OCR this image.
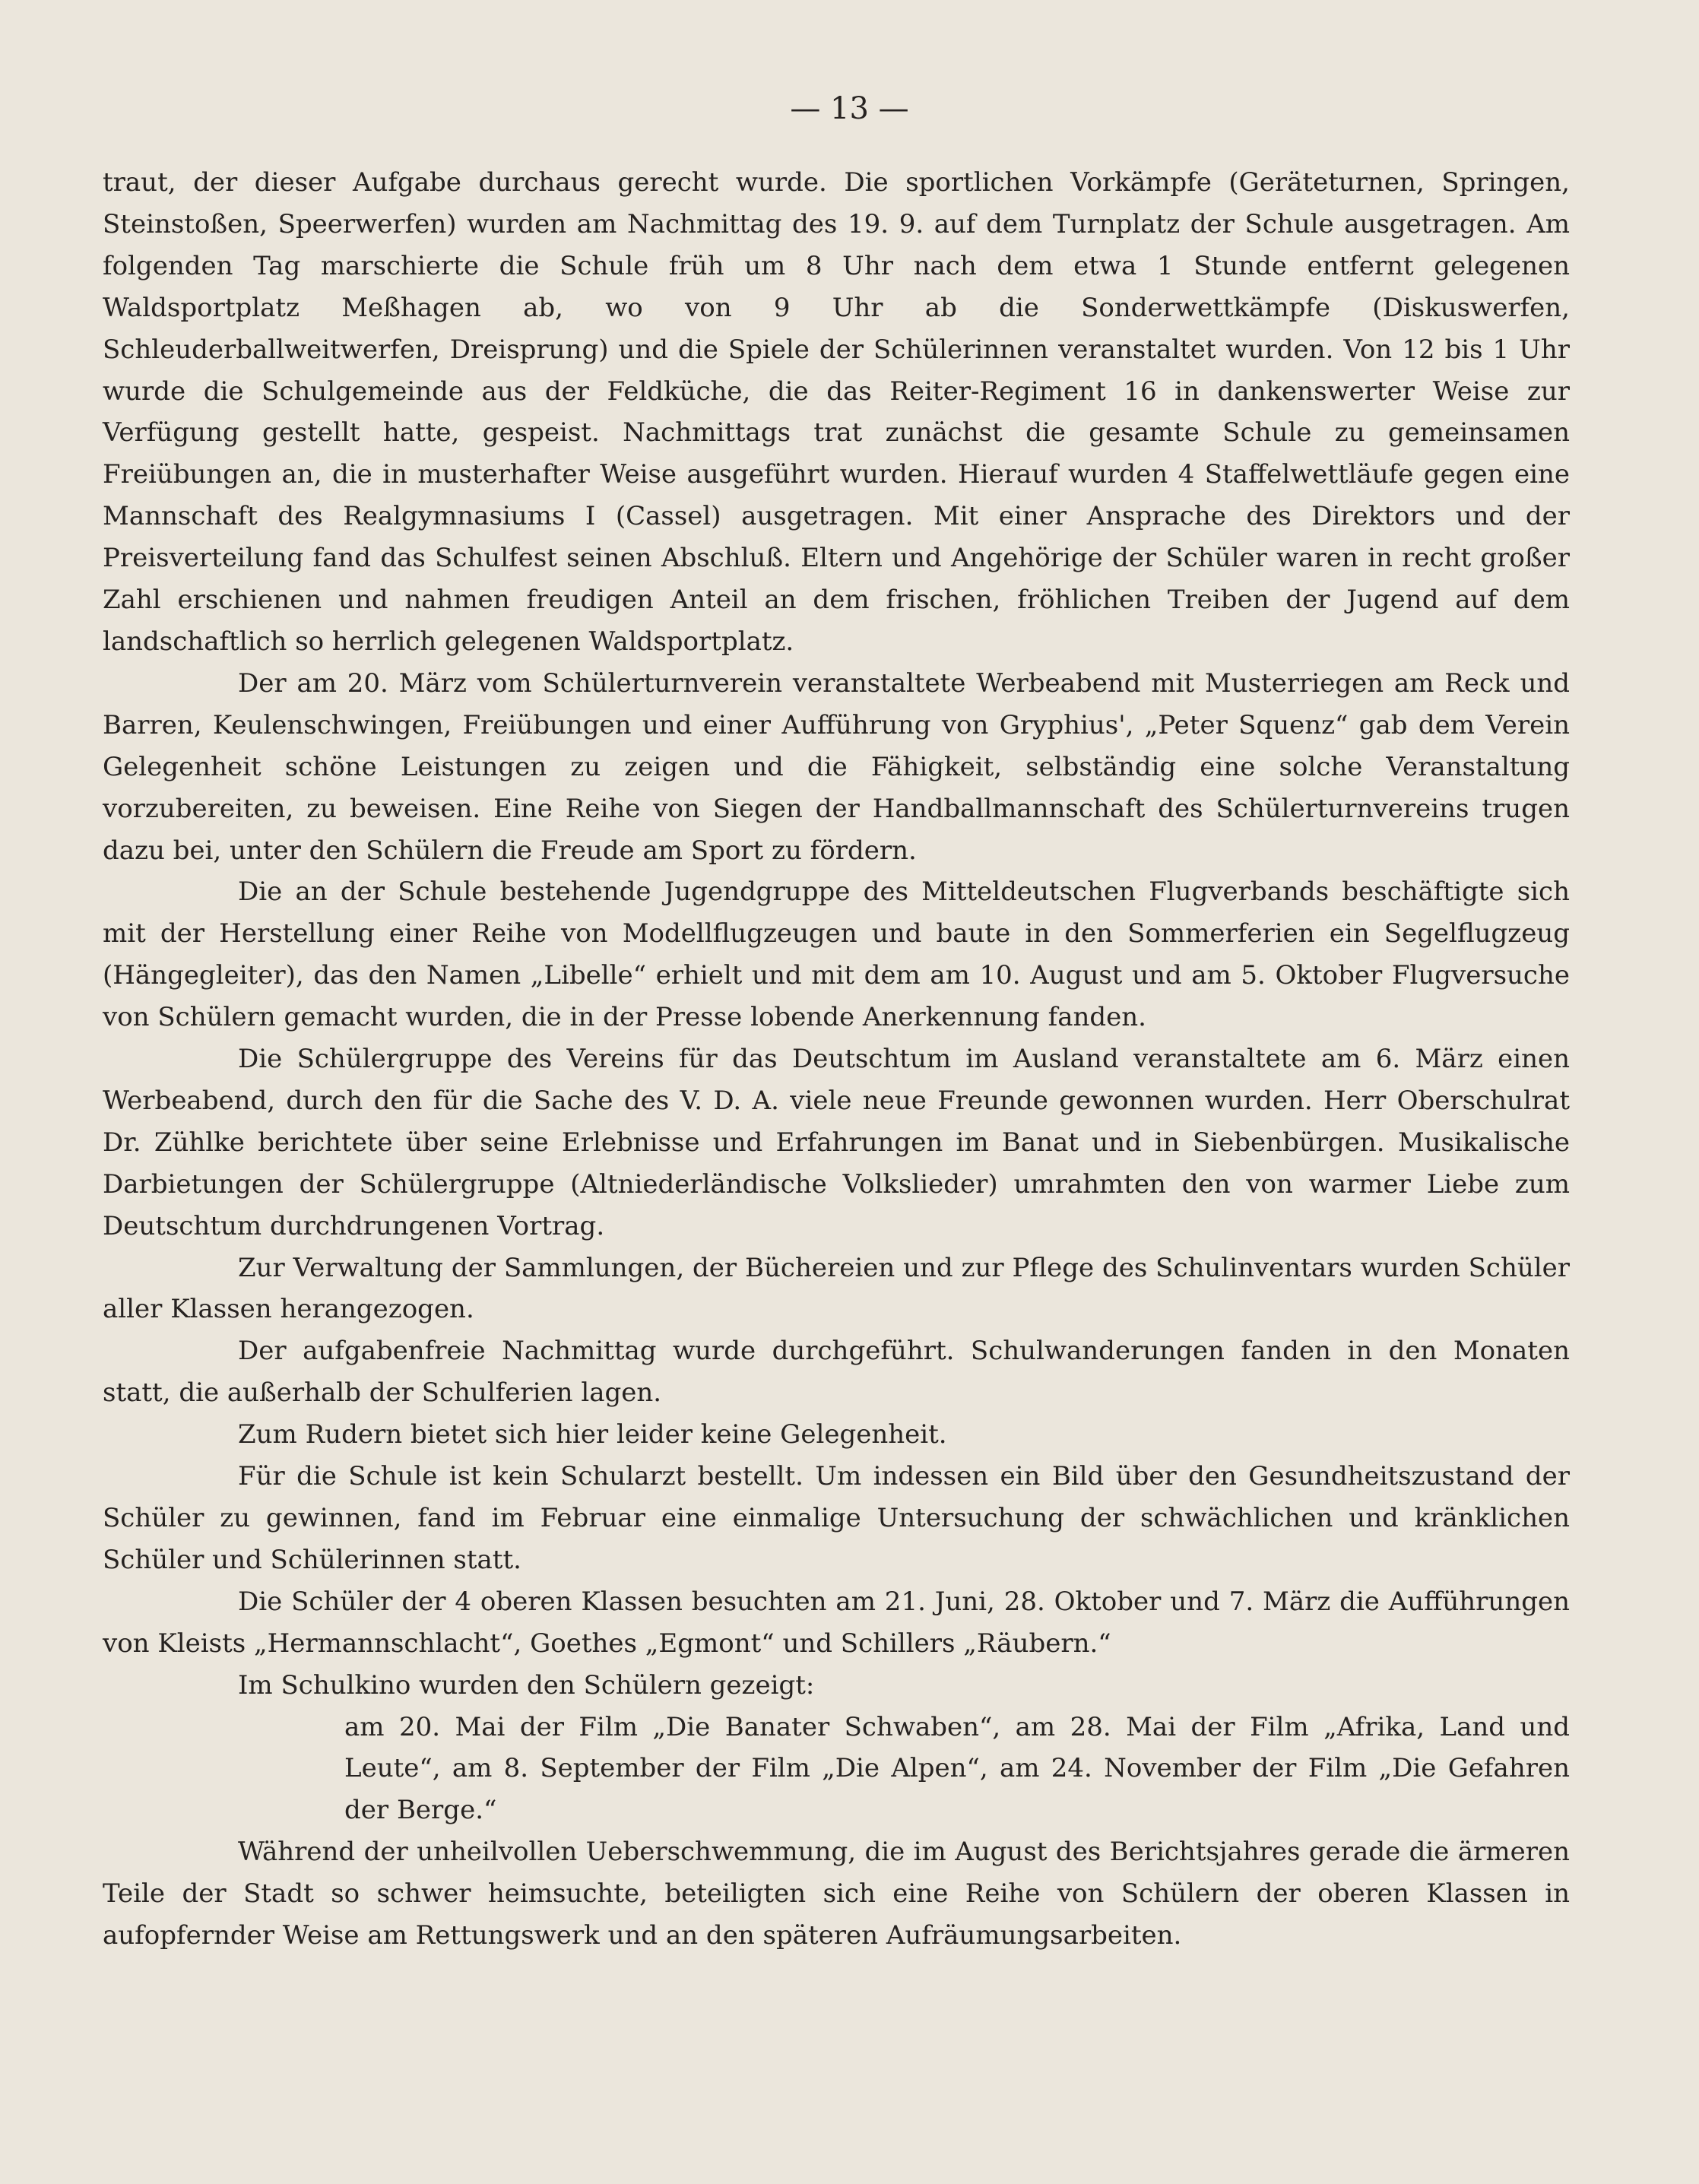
— 13 —

traut, der dieser Aufgabe durchaus gerecht wurde. Die sportlichen Vorkämpfe (Geräteturnen, Springen, Steinstoßen, Speerwerfen) wurden am Nachmittag des 19. 9. auf dem Turnplatz der Schule ausgetragen. Am folgenden Tag marschierte die Schule früh um 8 Uhr nach dem etwa 1 Stunde entfernt gelegenen Waldsportplatz Meßhagen ab, wo von 9 Uhr ab die Sonderwettkämpfe (Diskuswerfen, Schleuderballweitwerfen, Dreisprung) und die Spiele der Schülerinnen veranstaltet wurden. Von 12 bis 1 Uhr wurde die Schulgemeinde aus der Feldküche, die das Reiter-Regiment 16 in dankenswerter Weise zur Verfügung gestellt hatte, gespeist. Nachmittags trat zunächst die gesamte Schule zu gemeinsamen Freiübungen an, die in musterhafter Weise ausgeführt wurden. Hierauf wurden 4 Staffelwettläufe gegen eine Mannschaft des Realgymnasiums I (Cassel) ausgetragen. Mit einer Ansprache des Direktors und der Preisverteilung fand das Schulfest seinen Abschluß. Eltern und Angehörige der Schüler waren in recht großer Zahl erschienen und nahmen freudigen Anteil an dem frischen, fröhlichen Treiben der Jugend auf dem landschaftlich so herrlich gelegenen Waldsportplatz.

Der am 20. März vom Schülerturnverein veranstaltete Werbeabend mit Musterriegen am Reck und Barren, Keulenschwingen, Freiübungen und einer Aufführung von Gryphius', „Peter Squenz“ gab dem Verein Gelegenheit schöne Leistungen zu zeigen und die Fähigkeit, selbständig eine solche Veranstaltung vorzubereiten, zu beweisen. Eine Reihe von Siegen der Handballmannschaft des Schülerturnvereins trugen dazu bei, unter den Schülern die Freude am Sport zu fördern.

Die an der Schule bestehende Jugendgruppe des Mitteldeutschen Flugverbands beschäftigte sich mit der Herstellung einer Reihe von Modellflugzeugen und baute in den Sommerferien ein Segelflugzeug (Hängegleiter), das den Namen „Libelle“ erhielt und mit dem am 10. August und am 5. Oktober Flugversuche von Schülern gemacht wurden, die in der Presse lobende Anerkennung fanden.

Die Schülergruppe des Vereins für das Deutschtum im Ausland veranstaltete am 6. März einen Werbeabend, durch den für die Sache des V. D. A. viele neue Freunde gewonnen wurden. Herr Oberschulrat Dr. Zühlke berichtete über seine Erlebnisse und Erfahrungen im Banat und in Siebenbürgen. Musikalische Darbietungen der Schülergruppe (Altniederländische Volkslieder) umrahmten den von warmer Liebe zum Deutschtum durchdrungenen Vortrag.

Zur Verwaltung der Sammlungen, der Büchereien und zur Pflege des Schulinventars wurden Schüler aller Klassen herangezogen.

Der aufgabenfreie Nachmittag wurde durchgeführt. Schulwanderungen fanden in den Monaten statt, die außerhalb der Schulferien lagen.

Zum Rudern bietet sich hier leider keine Gelegenheit.

Für die Schule ist kein Schularzt bestellt. Um indessen ein Bild über den Gesundheitszustand der Schüler zu gewinnen, fand im Februar eine einmalige Untersuchung der schwächlichen und kränklichen Schüler und Schülerinnen statt.

Die Schüler der 4 oberen Klassen besuchten am 21. Juni, 28. Oktober und 7. März die Aufführungen von Kleists „Hermannschlacht“, Goethes „Egmont“ und Schillers „Räubern.“

Im Schulkino wurden den Schülern gezeigt:

am 20. Mai der Film „Die Banater Schwaben“, am 28. Mai der Film „Afrika, Land und Leute“, am 8. September der Film „Die Alpen“, am 24. November der Film „Die Gefahren der Berge.“

Während der unheilvollen Ueberschwemmung, die im August des Berichtsjahres gerade die ärmeren Teile der Stadt so schwer heimsuchte, beteiligten sich eine Reihe von Schülern der oberen Klassen in aufopfernder Weise am Rettungswerk und an den späteren Aufräumungsarbeiten.
